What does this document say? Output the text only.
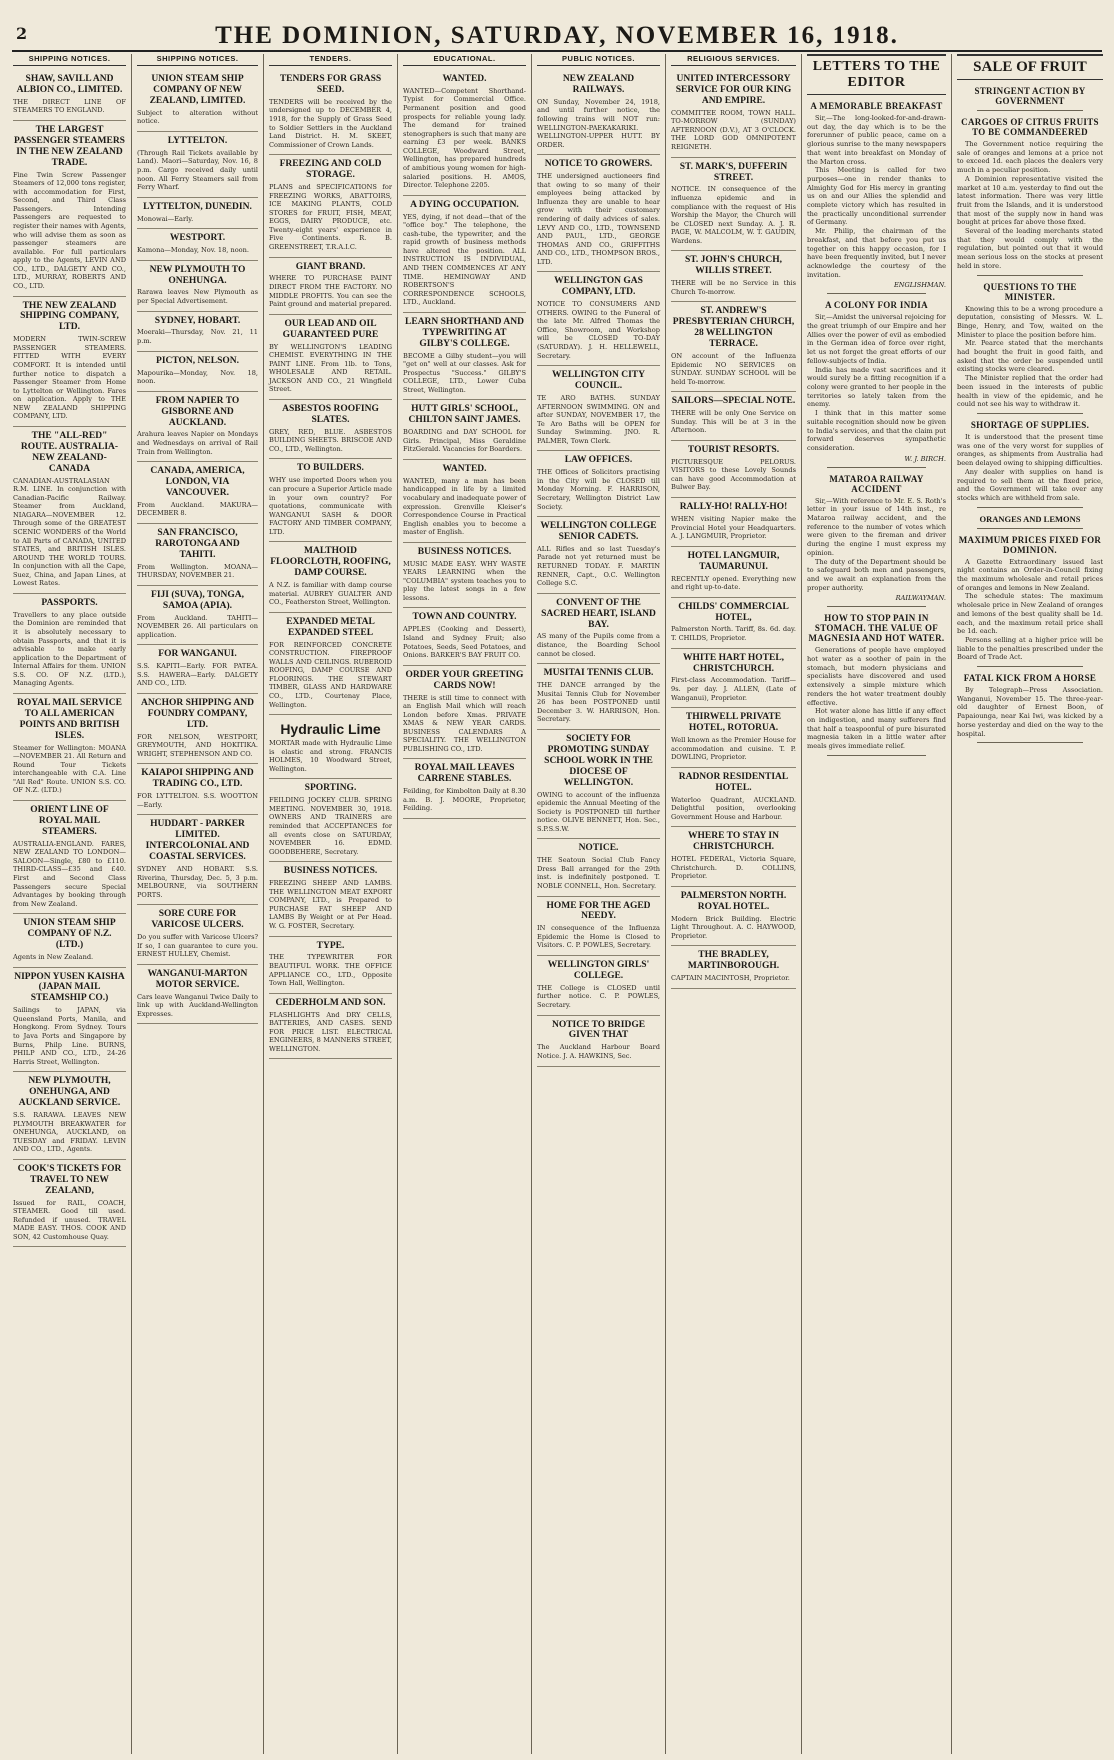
2	THE DOMINION, SATURDAY, NOVEMBER 16, 1918.
SHIPPING NOTICES.
SHAW, SAVILL AND ALBION CO., LIMITED.
THE DIRECT LINE OF STEAMERS TO ENGLAND.
THE LARGEST PASSENGER STEAMERS IN THE NEW ZEALAND TRADE.
Fine Twin Screw Passenger Steamers of 12,000 tons register, with accommodation for First, Second, and Third Class Passengers. Intending Passengers are requested to register their names with Agents, who will advise them as soon as passenger steamers are available. For full particulars apply to the Agents, LEVIN AND CO., LTD., DALGETY AND CO., LTD., MURRAY, ROBERTS AND CO., LTD.
THE NEW ZEALAND SHIPPING COMPANY, LTD.
MODERN TWIN-SCREW PASSENGER STEAMERS. FITTED WITH EVERY COMFORT. It is intended until further notice to dispatch a Passenger Steamer from Home to Lyttelton or Wellington. Fares on application. Apply to THE NEW ZEALAND SHIPPING COMPANY, LTD.
THE "ALL-RED" ROUTE. AUSTRALIA-NEW ZEALAND-CANADA
CANADIAN-AUSTRALASIAN R.M. LINE. In conjunction with Canadian-Pacific Railway. Steamer from Auckland, NIAGARA—NOVEMBER 12. Through some of the GREATEST SCENIC WONDERS of the World to All Parts of CANADA, UNITED STATES, and BRITISH ISLES. AROUND THE WORLD TOURS. In conjunction with all the Cape, Suez, China, and Japan Lines, at Lowest Rates.
PASSPORTS.
Travellers to any place outside the Dominion are reminded that it is absolutely necessary to obtain Passports, and that it is advisable to make early application to the Department of Internal Affairs for them. UNION S.S. CO. OF N.Z. (LTD.), Managing Agents.
ROYAL MAIL SERVICE TO ALL AMERICAN POINTS AND BRITISH ISLES.
Steamer for Wellington: MOANA—NOVEMBER 21. All Return and Round Tour Tickets interchangeable with C.A. Line "All Red" Route. UNION S.S. CO. OF N.Z. (LTD.)
ORIENT LINE OF ROYAL MAIL STEAMERS.
AUSTRALIA-ENGLAND. FARES, NEW ZEALAND TO LONDON—SALOON—Single, £80 to £110. THIRD-CLASS—£35 and £40. First and Second Class Passengers secure Special Advantages by booking through from New Zealand.
UNION STEAM SHIP COMPANY OF N.Z. (LTD.)
Agents in New Zealand.
NIPPON YUSEN KAISHA (JAPAN MAIL STEAMSHIP CO.)
Sailings to JAPAN, via Queensland Ports, Manila, and Hongkong. From Sydney. Tours to Java Ports and Singapore by Burns, Philp Line. BURNS, PHILP AND CO., LTD., 24-26 Harris Street, Wellington.
NEW PLYMOUTH, ONEHUNGA, AND AUCKLAND SERVICE.
S.S. RARAWA. LEAVES NEW PLYMOUTH BREAKWATER for ONEHUNGA, AUCKLAND, on TUESDAY and FRIDAY. LEVIN AND CO., LTD., Agents.
COOK'S TICKETS FOR TRAVEL TO NEW ZEALAND,
Issued for RAIL, COACH, STEAMER. Good till used. Refunded if unused. TRAVEL MADE EASY. THOS. COOK AND SON, 42 Customhouse Quay.
SHIPPING NOTICES.
UNION STEAM SHIP COMPANY OF NEW ZEALAND, LIMITED.
Subject to alteration without notice.
LYTTELTON.
(Through Rail Tickets available by Land). Maori—Saturday, Nov. 16, 8 p.m. Cargo received daily until noon. All Ferry Steamers sail from Ferry Wharf.
LYTTELTON, DUNEDIN.
Monowai—Early.
WESTPORT.
Kamona—Monday, Nov. 18, noon.
NEW PLYMOUTH TO ONEHUNGA.
Rarawa leaves New Plymouth as per Special Advertisement.
SYDNEY, HOBART.
Moeraki—Thursday, Nov. 21, 11 p.m.
PICTON, NELSON.
Mapourika—Monday, Nov. 18, noon.
FROM NAPIER TO GISBORNE AND AUCKLAND.
Arahura leaves Napier on Mondays and Wednesdays on arrival of Rail Train from Wellington.
CANADA, AMERICA, LONDON, VIA VANCOUVER.
From Auckland. MAKURA—DECEMBER 8.
SAN FRANCISCO, RAROTONGA AND TAHITI.
From Wellington. MOANA—THURSDAY, NOVEMBER 21.
FIJI (SUVA), TONGA, SAMOA (APIA).
From Auckland. TAHITI—NOVEMBER 26. All particulars on application.
FOR WANGANUI.
S.S. KAPITI—Early. FOR PATEA. S.S. HAWERA—Early. DALGETY AND CO., LTD.
ANCHOR SHIPPING AND FOUNDRY COMPANY, LTD.
FOR NELSON, WESTPORT, GREYMOUTH, AND HOKITIKA. WRIGHT, STEPHENSON AND CO.
KAIAPOI SHIPPING AND TRADING CO., LTD.
FOR LYTTELTON. S.S. WOOTTON—Early.
HUDDART - PARKER LIMITED. INTERCOLONIAL AND COASTAL SERVICES.
SYDNEY AND HOBART. S.S. Riverina, Thursday, Dec. 5, 3 p.m. MELBOURNE, via SOUTHERN PORTS.
SORE CURE FOR VARICOSE ULCERS.
Do you suffer with Varicose Ulcers? If so, I can guarantee to cure you. ERNEST HULLEY, Chemist.
WANGANUI-MARTON MOTOR SERVICE.
Cars leave Wanganui Twice Daily to link up with Auckland-Wellington Expresses.
TENDERS.
TENDERS FOR GRASS SEED.
TENDERS will be received by the undersigned up to DECEMBER 4, 1918, for the Supply of Grass Seed to Soldier Settlers in the Auckland Land District. H. M. SKEET, Commissioner of Crown Lands.
FREEZING AND COLD STORAGE.
PLANS and SPECIFICATIONS for FREEZING WORKS, ABATTOIRS, ICE MAKING PLANTS, COLD STORES for FRUIT, FISH, MEAT, EGGS, DAIRY PRODUCE, etc. Twenty-eight years' experience in Five Continents. R. B. GREENSTREET, T.R.A.I.C.
GIANT BRAND.
WHERE TO PURCHASE PAINT DIRECT FROM THE FACTORY. NO MIDDLE PROFITS. You can see the Paint ground and material prepared.
OUR LEAD AND OIL GUARANTEED PURE
BY WELLINGTON'S LEADING CHEMIST. EVERYTHING IN THE PAINT LINE. From 1lb. to Tons, WHOLESALE AND RETAIL. JACKSON AND CO., 21 Wingfield Street.
ASBESTOS ROOFING SLATES.
GREY, RED, BLUE. ASBESTOS BUILDING SHEETS. BRISCOE AND CO., LTD., Wellington.
TO BUILDERS.
WHY use imported Doors when you can procure a Superior Article made in your own country? For quotations, communicate with WANGANUI SASH & DOOR FACTORY AND TIMBER COMPANY, LTD.
MALTHOID FLOORCLOTH, ROOFING, DAMP COURSE.
A N.Z. is familiar with damp course material. AUBREY GUALTER AND CO., Featherston Street, Wellington.
EXPANDED METAL EXPANDED STEEL
FOR REINFORCED CONCRETE CONSTRUCTION. FIREPROOF WALLS AND CEILINGS. RUBEROID ROOFING, DAMP COURSE AND FLOORINGS. THE STEWART TIMBER, GLASS AND HARDWARE CO., LTD., Courtenay Place, Wellington.
Hydraulic Lime
MORTAR made with Hydraulic Lime is elastic and strong. FRANCIS HOLMES, 10 Woodward Street, Wellington.
SPORTING.
FEILDING JOCKEY CLUB. SPRING MEETING. NOVEMBER 30, 1918. OWNERS AND TRAINERS are reminded that ACCEPTANCES for all events close on SATURDAY, NOVEMBER 16. EDMD. GOODBEHERE, Secretary.
BUSINESS NOTICES.
FREEZING SHEEP AND LAMBS. THE WELLINGTON MEAT EXPORT COMPANY, LTD., is Prepared to PURCHASE FAT SHEEP AND LAMBS By Weight or at Per Head. W. G. FOSTER, Secretary.
TYPE.
THE TYPEWRITER FOR BEAUTIFUL WORK. THE OFFICE APPLIANCE CO., LTD., Opposite Town Hall, Wellington.
CEDERHOLM AND SON.
FLASHLIGHTS And DRY CELLS, BATTERIES, AND CASES. SEND FOR PRICE LIST. ELECTRICAL ENGINEERS, 8 MANNERS STREET, WELLINGTON.
EDUCATIONAL.
WANTED.
WANTED—Competent Shorthand-Typist for Commercial Office. Permanent position and good prospects for reliable young lady. The demand for trained stenographers is such that many are earning £3 per week. BANKS COLLEGE, Woodward Street, Wellington, has prepared hundreds of ambitious young women for high-salaried positions. H. AMOS, Director. Telephone 2205.
A DYING OCCUPATION.
YES, dying, if not dead—that of the "office boy." The telephone, the cash-tube, the typewriter, and the rapid growth of business methods have altered the position. ALL INSTRUCTION IS INDIVIDUAL, AND THEN COMMENCES AT ANY TIME. HEMINGWAY AND ROBERTSON'S CORRESPONDENCE SCHOOLS, LTD., Auckland.
LEARN SHORTHAND AND TYPEWRITING AT GILBY'S COLLEGE.
BECOME a Gilby student—you will "get on" well at our classes. Ask for Prospectus "Success." GILBY'S COLLEGE, LTD., Lower Cuba Street, Wellington.
HUTT GIRLS' SCHOOL, CHILTON SAINT JAMES.
BOARDING and DAY SCHOOL for Girls. Principal, Miss Geraldine FitzGerald. Vacancies for Boarders.
WANTED.
WANTED, many a man has been handicapped in life by a limited vocabulary and inadequate power of expression. Grenville Kleiser's Correspondence Course in Practical English enables you to become a master of English.
BUSINESS NOTICES.
MUSIC MADE EASY. WHY WASTE YEARS LEARNING when the "COLUMBIA" system teaches you to play the latest songs in a few lessons.
TOWN AND COUNTRY.
APPLES (Cooking and Dessert), Island and Sydney Fruit; also Potatoes, Seeds, Seed Potatoes, and Onions. BARKER'S BAY FRUIT CO.
ORDER YOUR GREETING CARDS NOW!
THERE is still time to connect with an English Mail which will reach London before Xmas. PRIVATE XMAS & NEW YEAR CARDS. BUSINESS CALENDARS A SPECIALITY. THE WELLINGTON PUBLISHING CO., LTD.
ROYAL MAIL LEAVES CARRENE STABLES.
Feilding, for Kimbolton Daily at 8.30 a.m. B. J. MOORE, Proprietor, Feilding.
PUBLIC NOTICES.
NEW ZEALAND RAILWAYS.
ON Sunday, November 24, 1918, and until further notice, the following trains will NOT run: WELLINGTON-PAEKAKARIKI. WELLINGTON-UPPER HUTT. BY ORDER.
NOTICE TO GROWERS.
THE undersigned auctioneers find that owing to so many of their employees being attacked by Influenza they are unable to hear grow with their customary rendering of daily advices of sales. LEVY AND CO., LTD., TOWNSEND AND PAUL, LTD., GEORGE THOMAS AND CO., GRIFFITHS AND CO., LTD., THOMPSON BROS., LTD.
WELLINGTON GAS COMPANY, LTD.
NOTICE TO CONSUMERS AND OTHERS. OWING to the Funeral of the late Mr. Alfred Thomas the Office, Showroom, and Workshop will be CLOSED TO-DAY (SATURDAY). J. H. HELLEWELL, Secretary.
WELLINGTON CITY COUNCIL.
TE ARO BATHS. SUNDAY AFTERNOON SWIMMING. ON and after SUNDAY, NOVEMBER 17, the Te Aro Baths will be OPEN for Sunday Swimming. JNO. R. PALMER, Town Clerk.
LAW OFFICES.
THE Offices of Solicitors practising in the City will be CLOSED till Monday Morning. F. HARRISON, Secretary, Wellington District Law Society.
WELLINGTON COLLEGE SENIOR CADETS.
ALL Rifles and so last Tuesday's Parade not yet returned must be RETURNED TODAY. F. MARTIN RENNER, Capt., O.C. Wellington College S.C.
CONVENT OF THE SACRED HEART, ISLAND BAY.
AS many of the Pupils come from a distance, the Boarding School cannot be closed.
MUSITAI TENNIS CLUB.
THE DANCE arranged by the Musitai Tennis Club for November 26 has been POSTPONED until December 3. W. HARRISON, Hon. Secretary.
SOCIETY FOR PROMOTING SUNDAY SCHOOL WORK IN THE DIOCESE OF WELLINGTON.
OWING to account of the influenza epidemic the Annual Meeting of the Society is POSTPONED till further notice. OLIVE BENNETT, Hon. Sec., S.P.S.S.W.
NOTICE.
THE Seatoun Social Club Fancy Dress Ball arranged for the 29th inst. is indefinitely postponed. T. NOBLE CONNELL, Hon. Secretary.
HOME FOR THE AGED NEEDY.
IN consequence of the Influenza Epidemic the Home is Closed to Visitors. C. P. POWLES, Secretary.
WELLINGTON GIRLS' COLLEGE.
THE College is CLOSED until further notice. C. P. POWLES, Secretary.
NOTICE TO BRIDGE GIVEN THAT
The Auckland Harbour Board Notice. J. A. HAWKINS, Sec.
RELIGIOUS SERVICES.
UNITED INTERCESSORY SERVICE FOR OUR KING AND EMPIRE.
COMMITTEE ROOM, TOWN HALL. TO-MORROW (SUNDAY) AFTERNOON (D.V.), AT 3 O'CLOCK. THE LORD GOD OMNIPOTENT REIGNETH.
ST. MARK'S, DUFFERIN STREET.
NOTICE. IN consequence of the influenza epidemic and in compliance with the request of His Worship the Mayor, the Church will be CLOSED next Sunday. A. J. R. PAGE, W. MALCOLM, W. T. GAUDIN, Wardens.
ST. JOHN'S CHURCH, WILLIS STREET.
THERE will be no Service in this Church To-morrow.
ST. ANDREW'S PRESBYTERIAN CHURCH, 28 WELLINGTON TERRACE.
ON account of the Influenza Epidemic NO SERVICES on SUNDAY. SUNDAY SCHOOL will be held To-morrow.
SAILORS—SPECIAL NOTE.
THERE will be only One Service on Sunday. This will be at 3 in the Afternoon.
TOURIST RESORTS.
PICTURESQUE PELORUS. VISITORS to these Lovely Sounds can have good Accommodation at Bulwer Bay.
RALLY-HO! RALLY-HO!
WHEN visiting Napier make the Provincial Hotel your Headquarters. A. J. LANGMUIR, Proprietor.
HOTEL LANGMUIR, TAUMARUNUI.
RECENTLY opened. Everything new and right up-to-date.
CHILDS' COMMERCIAL HOTEL,
Palmerston North. Tariff, 8s. 6d. day. T. CHILDS, Proprietor.
WHITE HART HOTEL, CHRISTCHURCH.
First-class Accommodation. Tariff—9s. per day. J. ALLEN, (Late of Wanganui), Proprietor.
THIRWELL PRIVATE HOTEL, ROTORUA.
Well known as the Premier House for accommodation and cuisine. T. P. DOWLING, Proprietor.
RADNOR RESIDENTIAL HOTEL.
Waterloo Quadrant, AUCKLAND. Delightful position, overlooking Government House and Harbour.
WHERE TO STAY IN CHRISTCHURCH.
HOTEL FEDERAL, Victoria Square, Christchurch. D. COLLINS, Proprietor.
PALMERSTON NORTH. ROYAL HOTEL.
Modern Brick Building. Electric Light Throughout. A. C. HAYWOOD, Proprietor.
THE BRADLEY, MARTINBOROUGH.
CAPTAIN MACINTOSH, Proprietor.
LETTERS TO THE EDITOR
A MEMORABLE BREAKFAST
Sir,—The long-looked-for-and-drawn-out day, the day which is to be the forerunner of public peace, came on a glorious sunrise to the many newspapers that went into breakfast on Monday of the Marton cross.
This Meeting is called for two purposes—one in render thanks to Almighty God for His mercy in granting us on and our Allies the splendid and complete victory which has resulted in the practically unconditional surrender of Germany.
Mr. Philip, the chairman of the breakfast, and that before you put us together on this happy occasion, for I have been frequently invited, but I never acknowledge the courtesy of the invitation.
ENGLISHMAN.
A COLONY FOR INDIA
Sir,—Amidst the universal rejoicing for the great triumph of our Empire and her Allies over the power of evil as embodied in the German idea of force over right, let us not forget the great efforts of our fellow-subjects of India.
India has made vast sacrifices and it would surely be a fitting recognition if a colony were granted to her people in the territories so lately taken from the enemy.
I think that in this matter some suitable recognition should now be given to India's services, and that the claim put forward deserves sympathetic consideration.
W. J. BIRCH.
MATAROA RAILWAY ACCIDENT
Sir,—With reference to Mr. E. S. Roth's letter in your issue of 14th inst., re Mataroa railway accident, and the reference to the number of votes which were given to the fireman and driver during the engine I must express my opinion.
The duty of the Department should be to safeguard both men and passengers, and we await an explanation from the proper authority.
RAILWAYMAN.
HOW TO STOP PAIN IN STOMACH. THE VALUE OF MAGNESIA AND HOT WATER.
Generations of people have employed hot water as a soother of pain in the stomach, but modern physicians and specialists have discovered and used extensively a simple mixture which renders the hot water treatment doubly effective.
Hot water alone has little if any effect on indigestion, and many sufferers find that half a teaspoonful of pure bisurated magnesia taken in a little water after meals gives immediate relief.
SALE OF FRUIT
STRINGENT ACTION BY GOVERNMENT
CARGOES OF CITRUS FRUITS TO BE COMMANDEERED
The Government notice requiring the sale of oranges and lemons at a price not to exceed 1d. each places the dealers very much in a peculiar position.
A Dominion representative visited the market at 10 a.m. yesterday to find out the latest information. There was very little fruit from the Islands, and it is understood that most of the supply now in hand was bought at prices far above those fixed.
Several of the leading merchants stated that they would comply with the regulation, but pointed out that it would mean serious loss on the stocks at present held in store.
QUESTIONS TO THE MINISTER.
Knowing this to be a wrong procedure a deputation, consisting of Messrs. W. L. Binge, Henry, and Tow, waited on the Minister to place the position before him.
Mr. Pearce stated that the merchants had bought the fruit in good faith, and asked that the order be suspended until existing stocks were cleared.
The Minister replied that the order had been issued in the interests of public health in view of the epidemic, and he could not see his way to withdraw it.
SHORTAGE OF SUPPLIES.
It is understood that the present time was one of the very worst for supplies of oranges, as shipments from Australia had been delayed owing to shipping difficulties.
Any dealer with supplies on hand is required to sell them at the fixed price, and the Government will take over any stocks which are withheld from sale.
ORANGES AND LEMONS
MAXIMUM PRICES FIXED FOR DOMINION.
A Gazette Extraordinary issued last night contains an Order-in-Council fixing the maximum wholesale and retail prices of oranges and lemons in New Zealand.
The schedule states: The maximum wholesale price in New Zealand of oranges and lemons of the best quality shall be 1d. each, and the maximum retail price shall be 1d. each.
Persons selling at a higher price will be liable to the penalties prescribed under the Board of Trade Act.
FATAL KICK FROM A HORSE
By Telegraph—Press Association. Wanganui, November 15. The three-year-old daughter of Ernest Boon, of Papaiounga, near Kai Iwi, was kicked by a horse yesterday and died on the way to the hospital.
